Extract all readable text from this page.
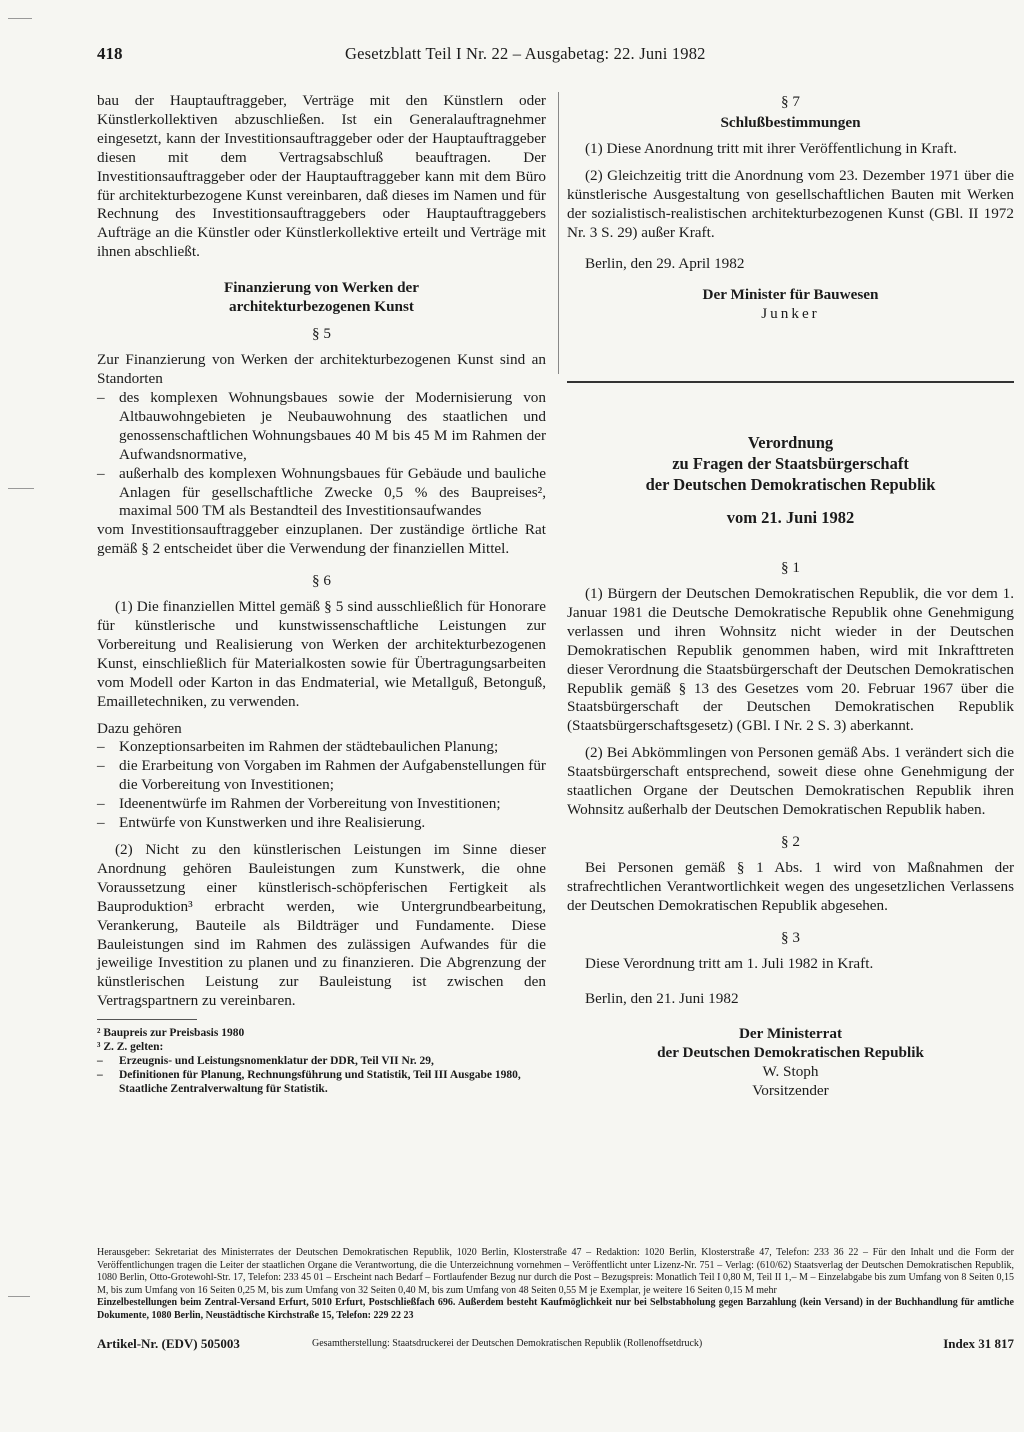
418	Gesetzblatt Teil I Nr. 22 – Ausgabetag: 22. Juni 1982

bau der Hauptauftraggeber, Verträge mit den Künstlern oder Künstlerkollektiven abzuschließen. Ist ein Generalauftragnehmer eingesetzt, kann der Investitionsauftraggeber oder der Hauptauftraggeber diesen mit dem Vertragsabschluß beauftragen. Der Investitionsauftraggeber oder der Hauptauftraggeber kann mit dem Büro für architekturbezogene Kunst vereinbaren, daß dieses im Namen und für Rechnung des Investitionsauftraggebers oder Hauptauftraggebers Aufträge an die Künstler oder Künstlerkollektive erteilt und Verträge mit ihnen abschließt.

Finanzierung von Werken der
architekturbezogenen Kunst
§ 5

Zur Finanzierung von Werken der architekturbezogenen Kunst sind an Standorten

– des komplexen Wohnungsbaues sowie der Modernisierung von Altbauwohngebieten je Neubauwohnung des staatlichen und genossenschaftlichen Wohnungsbaues 40 M bis 45 M im Rahmen der Aufwandsnormative,
– außerhalb des komplexen Wohnungsbaues für Gebäude und bauliche Anlagen für gesellschaftliche Zwecke 0,5 % des Baupreises², maximal 500 TM als Bestandteil des Investitionsaufwandes

vom Investitionsauftraggeber einzuplanen. Der zuständige örtliche Rat gemäß § 2 entscheidet über die Verwendung der finanziellen Mittel.

§ 6

(1) Die finanziellen Mittel gemäß § 5 sind ausschließlich für Honorare für künstlerische und kunstwissenschaftliche Leistungen zur Vorbereitung und Realisierung von Werken der architekturbezogenen Kunst, einschließlich für Materialkosten sowie für Übertragungsarbeiten vom Modell oder Karton in das Endmaterial, wie Metallguß, Betonguß, Emailletechniken, zu verwenden.

Dazu gehören

– Konzeptionsarbeiten im Rahmen der städtebaulichen Planung;
– die Erarbeitung von Vorgaben im Rahmen der Aufgabenstellungen für die Vorbereitung von Investitionen;
– Ideenentwürfe im Rahmen der Vorbereitung von Investitionen;
– Entwürfe von Kunstwerken und ihre Realisierung.

(2) Nicht zu den künstlerischen Leistungen im Sinne dieser Anordnung gehören Bauleistungen zum Kunstwerk, die ohne Voraussetzung einer künstlerisch-schöpferischen Fertigkeit als Bauproduktion³ erbracht werden, wie Untergrundbearbeitung, Verankerung, Bauteile als Bildträger und Fundamente. Diese Bauleistungen sind im Rahmen des zulässigen Aufwandes für die jeweilige Investition zu planen und zu finanzieren. Die Abgrenzung der künstlerischen Leistung zur Bauleistung ist zwischen den Vertragspartnern zu vereinbaren.

² Baupreis zur Preisbasis 1980
³ Z. Z. gelten:
– Erzeugnis- und Leistungsnomenklatur der DDR, Teil VII Nr. 29,
– Definitionen für Planung, Rechnungsführung und Statistik, Teil III Ausgabe 1980, Staatliche Zentralverwaltung für Statistik.
§ 7
Schlußbestimmungen

(1) Diese Anordnung tritt mit ihrer Veröffentlichung in Kraft.

(2) Gleichzeitig tritt die Anordnung vom 23. Dezember 1971 über die künstlerische Ausgestaltung von gesellschaftlichen Bauten mit Werken der sozialistisch-realistischen architekturbezogenen Kunst (GBl. II 1972 Nr. 3 S. 29) außer Kraft.

Berlin, den 29. April 1982

Der Minister für Bauwesen
Junker
Verordnung
zu Fragen der Staatsbürgerschaft
der Deutschen Demokratischen Republik
vom 21. Juni 1982
§ 1

(1) Bürgern der Deutschen Demokratischen Republik, die vor dem 1. Januar 1981 die Deutsche Demokratische Republik ohne Genehmigung verlassen und ihren Wohnsitz nicht wieder in der Deutschen Demokratischen Republik genommen haben, wird mit Inkrafttreten dieser Verordnung die Staatsbürgerschaft der Deutschen Demokratischen Republik gemäß § 13 des Gesetzes vom 20. Februar 1967 über die Staatsbürgerschaft der Deutschen Demokratischen Republik (Staatsbürgerschaftsgesetz) (GBl. I Nr. 2 S. 3) aberkannt.

(2) Bei Abkömmlingen von Personen gemäß Abs. 1 verändert sich die Staatsbürgerschaft entsprechend, soweit diese ohne Genehmigung der staatlichen Organe der Deutschen Demokratischen Republik ihren Wohnsitz außerhalb der Deutschen Demokratischen Republik haben.

§ 2

Bei Personen gemäß § 1 Abs. 1 wird von Maßnahmen der strafrechtlichen Verantwortlichkeit wegen des ungesetzlichen Verlassens der Deutschen Demokratischen Republik abgesehen.

§ 3

Diese Verordnung tritt am 1. Juli 1982 in Kraft.

Berlin, den 21. Juni 1982

Der Ministerrat
der Deutschen Demokratischen Republik
W. Stoph
Vorsitzender
Herausgeber: Sekretariat des Ministerrates der Deutschen Demokratischen Republik, 1020 Berlin, Klosterstraße 47 – Redaktion: 1020 Berlin, Klosterstraße 47, Telefon: 233 36 22 – Für den Inhalt und die Form der Veröffentlichungen tragen die Leiter der staatlichen Organe die Verantwortung, die die Unterzeichnung vornehmen – Veröffentlicht unter Lizenz-Nr. 751 – Verlag: (610/62) Staatsverlag der Deutschen Demokratischen Republik, 1080 Berlin, Otto-Grotewohl-Str. 17, Telefon: 233 45 01 – Erscheint nach Bedarf – Fortlaufender Bezug nur durch die Post – Bezugspreis: Monatlich Teil I 0,80 M, Teil II 1,– M – Einzelabgabe bis zum Umfang von 8 Seiten 0,15 M, bis zum Umfang von 16 Seiten 0,25 M, bis zum Umfang von 32 Seiten 0,40 M, bis zum Umfang von 48 Seiten 0,55 M je Exemplar, je weitere 16 Seiten 0,15 M mehr
Einzelbestellungen beim Zentral-Versand Erfurt, 5010 Erfurt, Postschließfach 696. Außerdem besteht Kaufmöglichkeit nur bei Selbstabholung gegen Barzahlung (kein Versand) in der Buchhandlung für amtliche Dokumente, 1080 Berlin, Neustädtische Kirchstraße 15, Telefon: 229 22 23
Artikel-Nr. (EDV) 505003	Gesamtherstellung: Staatsdruckerei der Deutschen Demokratischen Republik (Rollenoffsetdruck)	Index 31 817
